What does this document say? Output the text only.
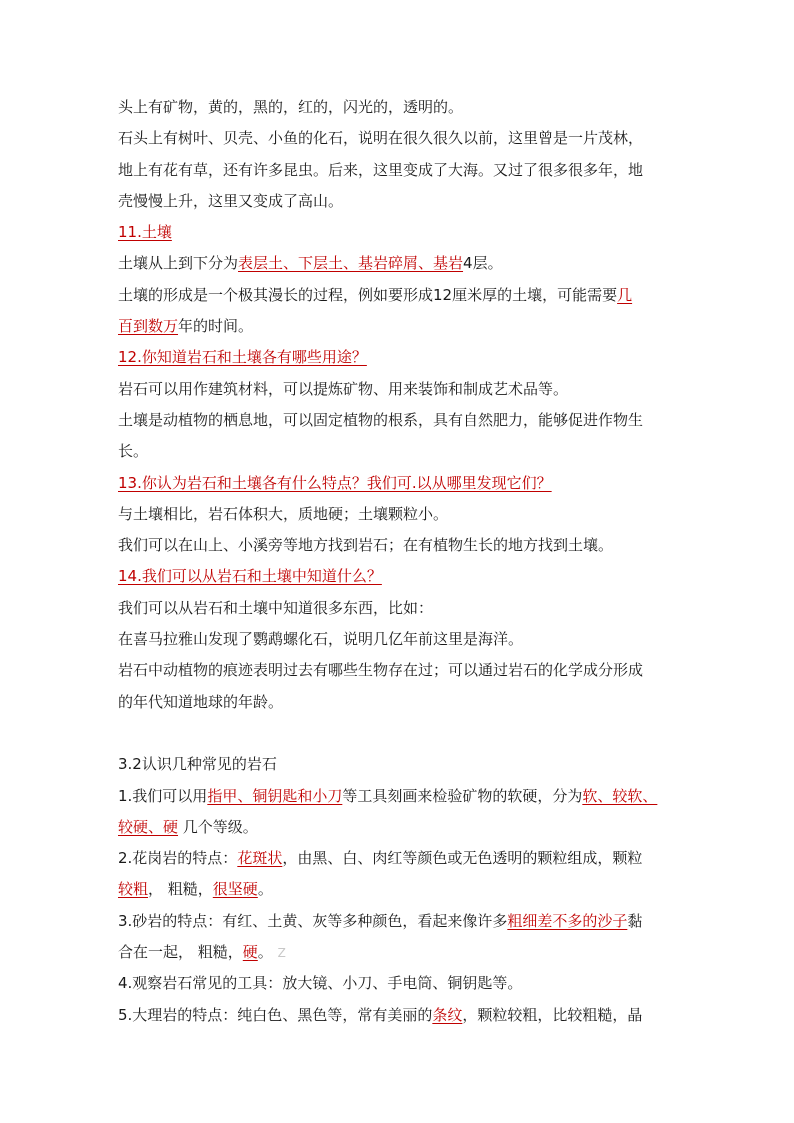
头上有矿物，黄的，黑的，红的，闪光的，透明的。
石头上有树叶、贝壳、小鱼的化石，说明在很久很久以前，这里曾是一片茂林，
地上有花有草，还有许多昆虫。后来，这里变成了大海。又过了很多很多年，地
壳慢慢上升，这里又变成了高山。
11.土壤
土壤从上到下分为表层土、下层土、基岩碎屑、基岩4层。
土壤的形成是一个极其漫长的过程，例如要形成12厘米厚的土壤，可能需要几
百到数万年的时间。
12.你知道岩石和土壤各有哪些用途？
岩石可以用作建筑材料，可以提炼矿物、用来装饰和制成艺术品等。
土壤是动植物的栖息地，可以固定植物的根系，具有自然肥力，能够促进作物生
长。
13.你认为岩石和土壤各有什么特点？我们可.以从哪里发现它们？
与土壤相比，岩石体积大，质地硬；土壤颗粒小。
我们可以在山上、小溪旁等地方找到岩石；在有植物生长的地方找到土壤。
14.我们可以从岩石和土壤中知道什么？
我们可以从岩石和土壤中知道很多东西，比如：
在喜马拉雅山发现了鹦鹉螺化石，说明几亿年前这里是海洋。
岩石中动植物的痕迹表明过去有哪些生物存在过；可以通过岩石的化学成分形成
的年代知道地球的年龄。
3.2认识几种常见的岩石
1.我们可以用指甲、铜钥匙和小刀等工具刻画来检验矿物的软硬，分为软、较软、
较硬、硬 几个等级。
2.花岗岩的特点：花斑状，由黑、白、肉红等颜色或无色透明的颗粒组成，颗粒
较粗， 粗糙，很坚硬。
3.砂岩的特点：有红、土黄、灰等多种颜色，看起来像许多粗细差不多的沙子黏
合在一起， 粗糙，硬。 Z
4.观察岩石常见的工具：放大镜、小刀、手电筒、铜钥匙等。
5.大理岩的特点：纯白色、黑色等，常有美丽的条纹，颗粒较粗，比较粗糙，晶
